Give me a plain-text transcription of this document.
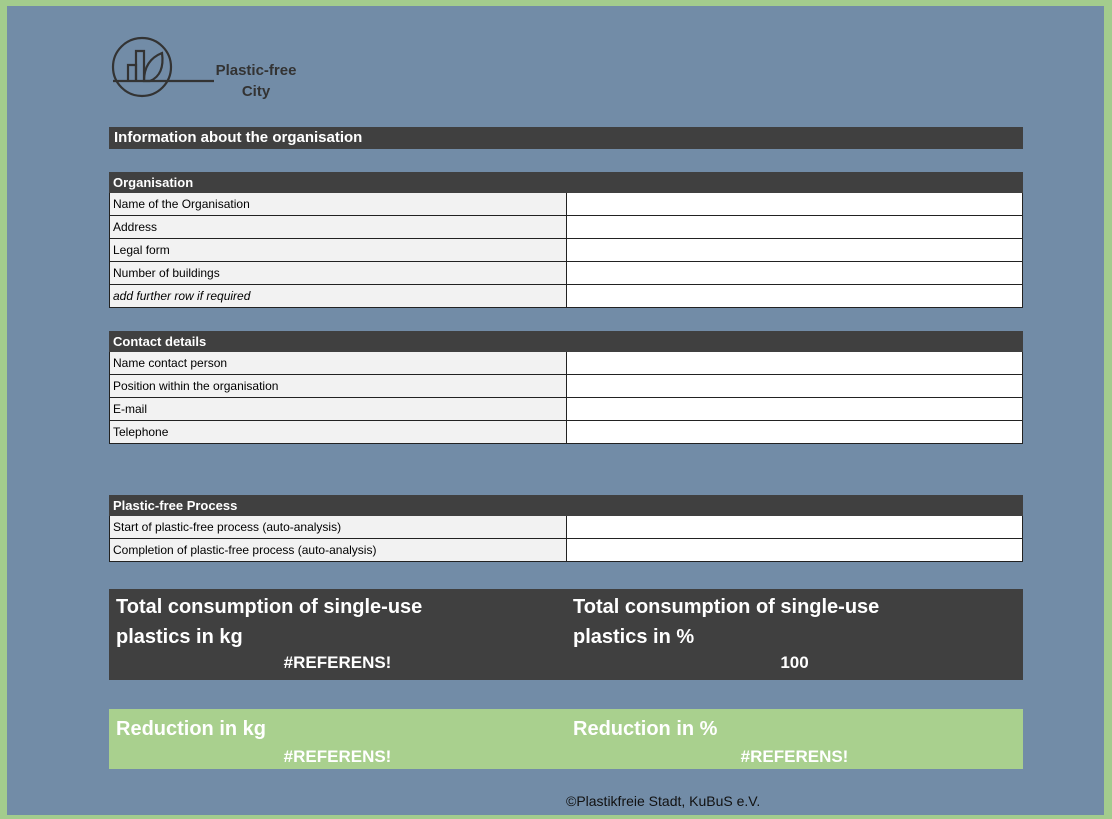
Plastic-free
City
Information about the organisation
Organisation
Name of the Organisation
Address
Legal form
Number of buildings
add further row if required
Contact details
Name contact person
Position within the organisation
E-mail
Telephone
Plastic-free Process
Start of plastic-free process (auto-analysis)
Completion of plastic-free process (auto-analysis)
Total consumption of single-use
plastics in kg
#REFERENS!
Total consumption of single-use
plastics in %
100
Reduction in kg
#REFERENS!
Reduction in %
#REFERENS!
©Plastikfreie Stadt, KuBuS e.V.
